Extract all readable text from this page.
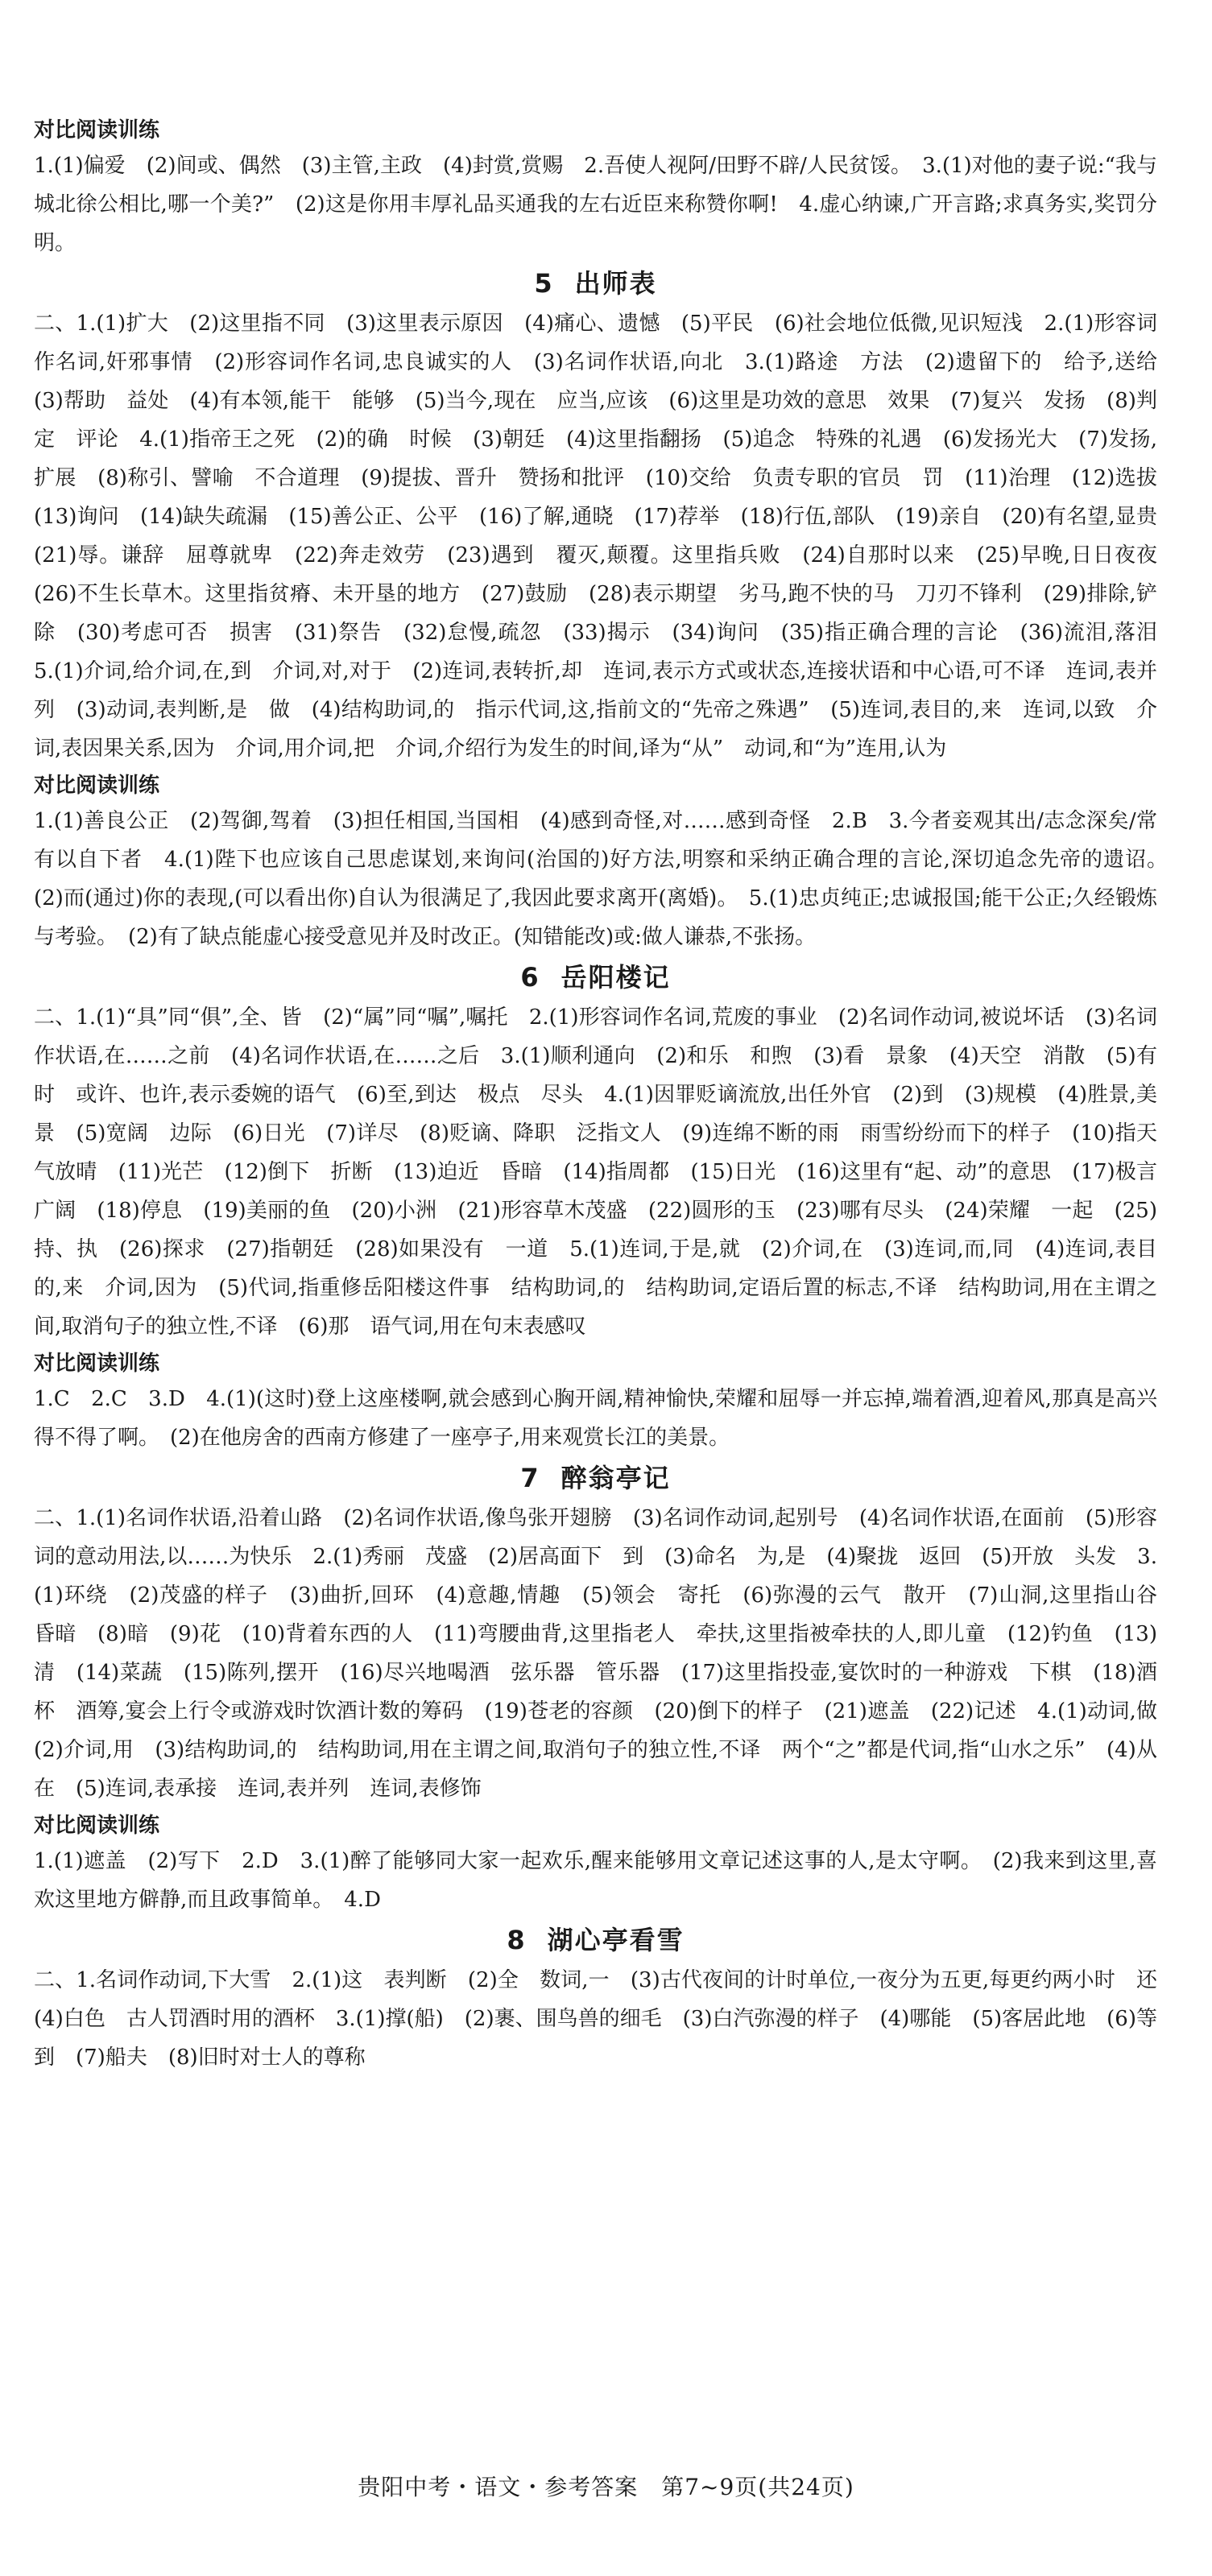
对比阅读训练

1.(1)偏爱　(2)间或、偶然　(3)主管,主政　(4)封赏,赏赐　2.吾使人视阿/田野不辟/人民贫馁。　3.(1)对他的妻子说:“我与城北徐公相比,哪一个美?”　(2)这是你用丰厚礼品买通我的左右近臣来称赞你啊!　4.虚心纳谏,广开言路;求真务实,奖罚分明。

5 出师表

二、1.(1)扩大　(2)这里指不同　(3)这里表示原因　(4)痛心、遗憾　(5)平民　(6)社会地位低微,见识短浅　2.(1)形容词作名词,奸邪事情　(2)形容词作名词,忠良诚实的人　(3)名词作状语,向北　3.(1)路途　方法　(2)遗留下的　给予,送给　(3)帮助　益处　(4)有本领,能干　能够　(5)当今,现在　应当,应该　(6)这里是功效的意思　效果　(7)复兴　发扬　(8)判定　评论　4.(1)指帝王之死　(2)的确　时候　(3)朝廷　(4)这里指翻扬　(5)追念　特殊的礼遇　(6)发扬光大　(7)发扬,扩展　(8)称引、譬喻　不合道理　(9)提拔、晋升　赞扬和批评　(10)交给　负责专职的官员　罚　(11)治理　(12)选拔　(13)询问　(14)缺失疏漏　(15)善公正、公平　(16)了解,通晓　(17)荐举　(18)行伍,部队　(19)亲自　(20)有名望,显贵　(21)辱。谦辞　屈尊就卑　(22)奔走效劳　(23)遇到　覆灭,颠覆。这里指兵败　(24)自那时以来　(25)早晚,日日夜夜　(26)不生长草木。这里指贫瘠、未开垦的地方　(27)鼓励　(28)表示期望　劣马,跑不快的马　刀刃不锋利　(29)排除,铲除　(30)考虑可否　损害　(31)祭告　(32)怠慢,疏忽　(33)揭示　(34)询问　(35)指正确合理的言论　(36)流泪,落泪　5.(1)介词,给介词,在,到　介词,对,对于　(2)连词,表转折,却　连词,表示方式或状态,连接状语和中心语,可不译　连词,表并列　(3)动词,表判断,是　做　(4)结构助词,的　指示代词,这,指前文的“先帝之殊遇”　(5)连词,表目的,来　连词,以致　介词,表因果关系,因为　介词,用介词,把　介词,介绍行为发生的时间,译为“从”　动词,和“为”连用,认为

对比阅读训练

1.(1)善良公正　(2)驾御,驾着　(3)担任相国,当国相　(4)感到奇怪,对……感到奇怪　2.B　3.今者妾观其出/志念深矣/常有以自下者　4.(1)陛下也应该自己思虑谋划,来询问(治国的)好方法,明察和采纳正确合理的言论,深切追念先帝的遗诏。　(2)而(通过)你的表现,(可以看出你)自认为很满足了,我因此要求离开(离婚)。　5.(1)忠贞纯正;忠诚报国;能干公正;久经锻炼与考验。　(2)有了缺点能虚心接受意见并及时改正。(知错能改)或:做人谦恭,不张扬。

6 岳阳楼记

二、1.(1)“具”同“俱”,全、皆　(2)“属”同“嘱”,嘱托　2.(1)形容词作名词,荒废的事业　(2)名词作动词,被说坏话　(3)名词作状语,在……之前　(4)名词作状语,在……之后　3.(1)顺利通向　(2)和乐　和煦　(3)看　景象　(4)天空　消散　(5)有时　或许、也许,表示委婉的语气　(6)至,到达　极点　尽头　4.(1)因罪贬谪流放,出任外官　(2)到　(3)规模　(4)胜景,美景　(5)宽阔　边际　(6)日光　(7)详尽　(8)贬谪、降职　泛指文人　(9)连绵不断的雨　雨雪纷纷而下的样子　(10)指天气放晴　(11)光芒　(12)倒下　折断　(13)迫近　昏暗　(14)指周都　(15)日光　(16)这里有“起、动”的意思　(17)极言广阔　(18)停息　(19)美丽的鱼　(20)小洲　(21)形容草木茂盛　(22)圆形的玉　(23)哪有尽头　(24)荣耀　一起　(25)持、执　(26)探求　(27)指朝廷　(28)如果没有　一道　5.(1)连词,于是,就　(2)介词,在　(3)连词,而,同　(4)连词,表目的,来　介词,因为　(5)代词,指重修岳阳楼这件事　结构助词,的　结构助词,定语后置的标志,不译　结构助词,用在主谓之间,取消句子的独立性,不译　(6)那　语气词,用在句末表感叹

对比阅读训练

1.C　2.C　3.D　4.(1)(这时)登上这座楼啊,就会感到心胸开阔,精神愉快,荣耀和屈辱一并忘掉,端着酒,迎着风,那真是高兴得不得了啊。　(2)在他房舍的西南方修建了一座亭子,用来观赏长江的美景。

7 醉翁亭记

二、1.(1)名词作状语,沿着山路　(2)名词作状语,像鸟张开翅膀　(3)名词作动词,起别号　(4)名词作状语,在面前　(5)形容词的意动用法,以……为快乐　2.(1)秀丽　茂盛　(2)居高面下　到　(3)命名　为,是　(4)聚拢　返回　(5)开放　头发　3.(1)环绕　(2)茂盛的样子　(3)曲折,回环　(4)意趣,情趣　(5)领会　寄托　(6)弥漫的云气　散开　(7)山洞,这里指山谷　昏暗　(8)暗　(9)花　(10)背着东西的人　(11)弯腰曲背,这里指老人　牵扶,这里指被牵扶的人,即儿童　(12)钓鱼　(13)清　(14)菜蔬　(15)陈列,摆开　(16)尽兴地喝酒　弦乐器　管乐器　(17)这里指投壶,宴饮时的一种游戏　下棋　(18)酒杯　酒筹,宴会上行令或游戏时饮酒计数的筹码　(19)苍老的容颜　(20)倒下的样子　(21)遮盖　(22)记述　4.(1)动词,做　(2)介词,用　(3)结构助词,的　结构助词,用在主谓之间,取消句子的独立性,不译　两个“之”都是代词,指“山水之乐”　(4)从　在　(5)连词,表承接　连词,表并列　连词,表修饰

对比阅读训练

1.(1)遮盖　(2)写下　2.D　3.(1)醉了能够同大家一起欢乐,醒来能够用文章记述这事的人,是太守啊。　(2)我来到这里,喜欢这里地方僻静,而且政事简单。　4.D

8 湖心亭看雪

二、1.名词作动词,下大雪　2.(1)这　表判断　(2)全　数词,一　(3)古代夜间的计时单位,一夜分为五更,每更约两小时　还　(4)白色　古人罚酒时用的酒杯　3.(1)撑(船)　(2)裹、围鸟兽的细毛　(3)白汽弥漫的样子　(4)哪能　(5)客居此地　(6)等到　(7)船夫　(8)旧时对士人的尊称

贵阳中考・语文・参考答案　第7~9页(共24页)
